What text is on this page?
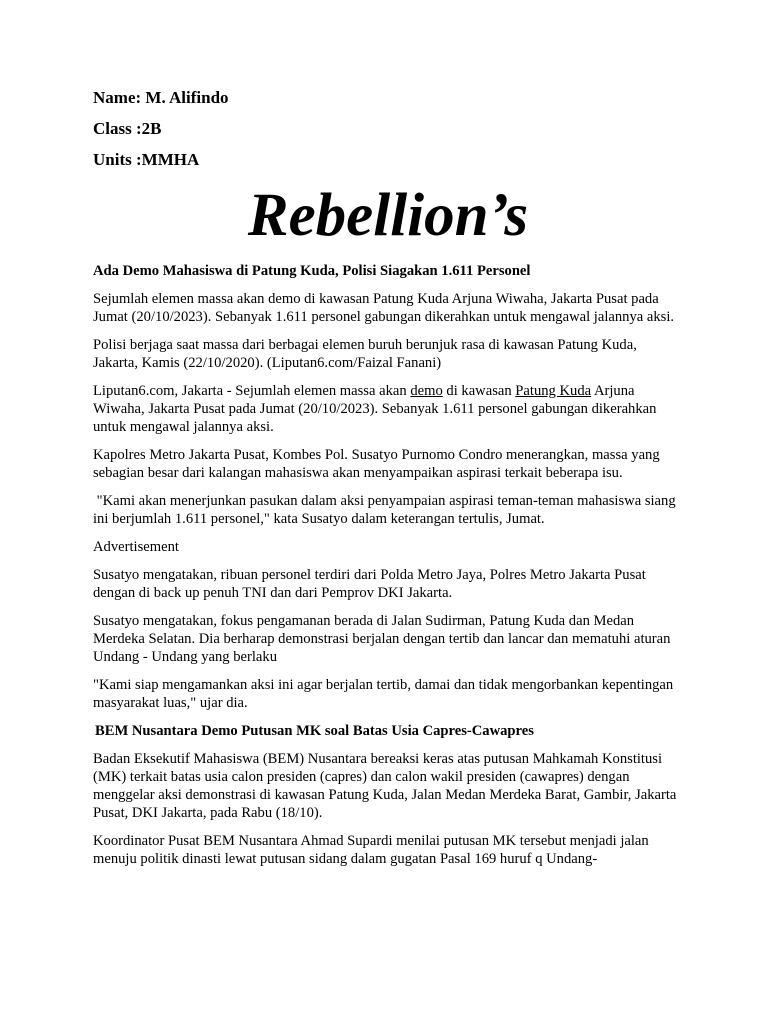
Name: M. Alifindo
Class :2B
Units :MMHA
Rebellion’s

Ada Demo Mahasiswa di Patung Kuda, Polisi Siagakan 1.611 Personel

Sejumlah elemen massa akan demo di kawasan Patung Kuda Arjuna Wiwaha, Jakarta Pusat pada Jumat (20/10/2023). Sebanyak 1.611 personel gabungan dikerahkan untuk mengawal jalannya aksi.

Polisi berjaga saat massa dari berbagai elemen buruh berunjuk rasa di kawasan Patung Kuda, Jakarta, Kamis (22/10/2020). (Liputan6.com/Faizal Fanani)

Liputan6.com, Jakarta - Sejumlah elemen massa akan demo di kawasan Patung Kuda Arjuna Wiwaha, Jakarta Pusat pada Jumat (20/10/2023). Sebanyak 1.611 personel gabungan dikerahkan untuk mengawal jalannya aksi.

Kapolres Metro Jakarta Pusat, Kombes Pol. Susatyo Purnomo Condro menerangkan, massa yang sebagian besar dari kalangan mahasiswa akan menyampaikan aspirasi terkait beberapa isu.

"Kami akan menerjunkan pasukan dalam aksi penyampaian aspirasi teman-teman mahasiswa siang ini berjumlah 1.611 personel," kata Susatyo dalam keterangan tertulis, Jumat.

Advertisement

Susatyo mengatakan, ribuan personel terdiri dari Polda Metro Jaya, Polres Metro Jakarta Pusat dengan di back up penuh TNI dan dari Pemprov DKI Jakarta.

Susatyo mengatakan, fokus pengamanan berada di Jalan Sudirman, Patung Kuda dan Medan Merdeka Selatan. Dia berharap demonstrasi berjalan dengan tertib dan lancar dan mematuhi aturan Undang - Undang yang berlaku

"Kami siap mengamankan aksi ini agar berjalan tertib, damai dan tidak mengorbankan kepentingan masyarakat luas," ujar dia.

BEM Nusantara Demo Putusan MK soal Batas Usia Capres-Cawapres

Badan Eksekutif Mahasiswa (BEM) Nusantara bereaksi keras atas putusan Mahkamah Konstitusi (MK) terkait batas usia calon presiden (capres) dan calon wakil presiden (cawapres) dengan menggelar aksi demonstrasi di kawasan Patung Kuda, Jalan Medan Merdeka Barat, Gambir, Jakarta Pusat, DKI Jakarta, pada Rabu (18/10).

Koordinator Pusat BEM Nusantara Ahmad Supardi menilai putusan MK tersebut menjadi jalan menuju politik dinasti lewat putusan sidang dalam gugatan Pasal 169 huruf q Undang-
